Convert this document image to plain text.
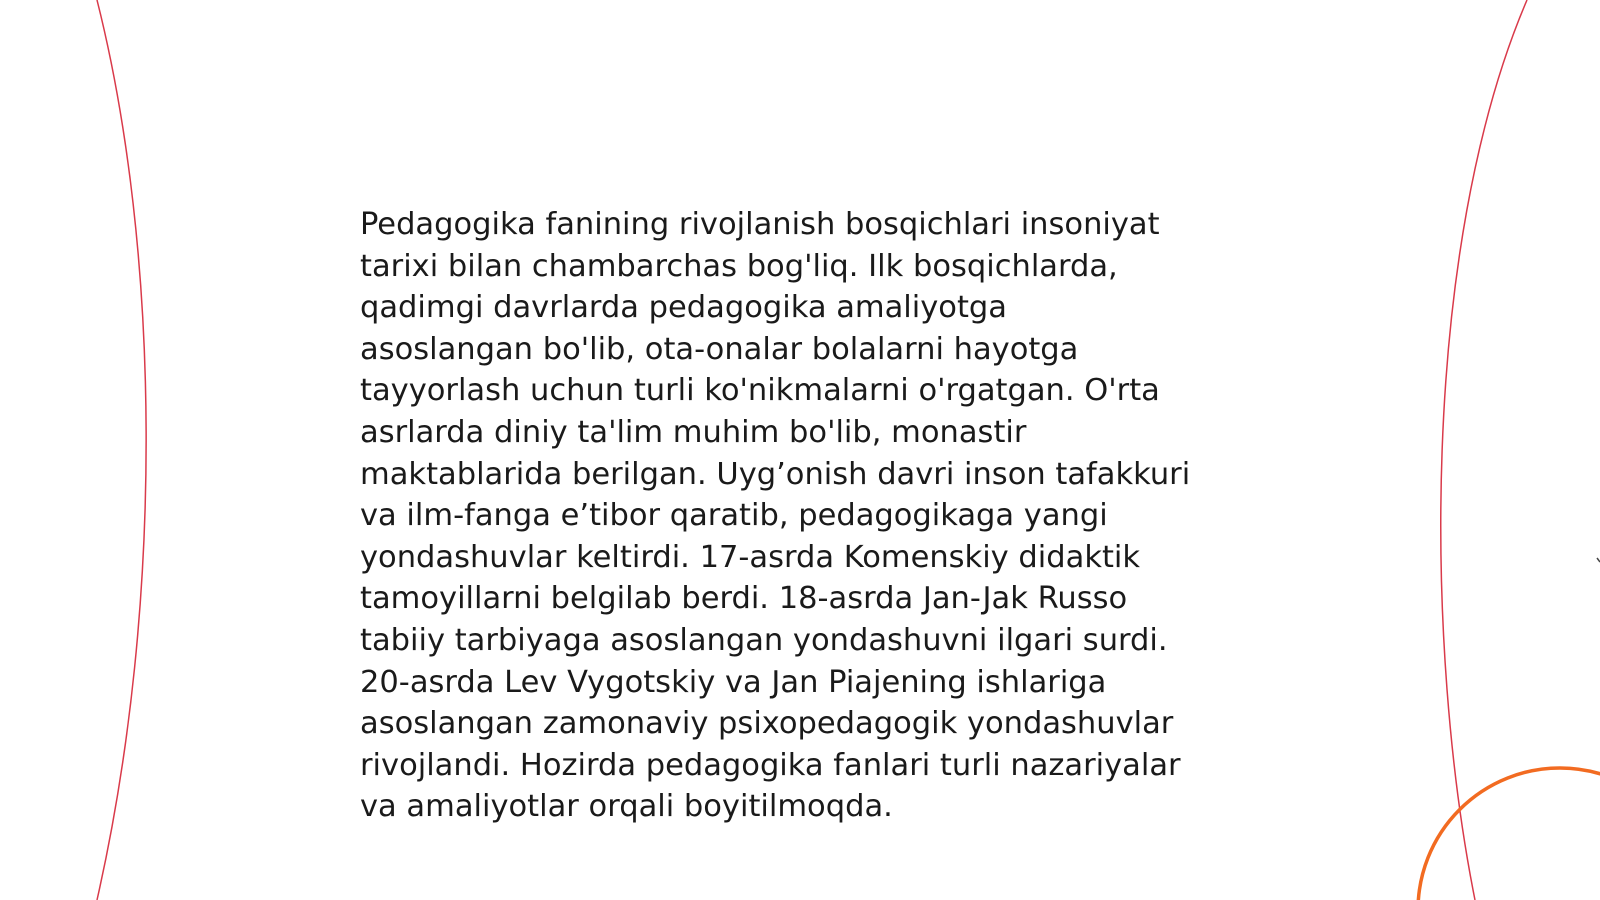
Pedagogika fanining rivojlanish bosqichlari insoniyat
tarixi bilan chambarchas bog'liq. Ilk bosqichlarda,
qadimgi davrlarda pedagogika amaliyotga
asoslangan bo'lib, ota-onalar bolalarni hayotga
tayyorlash uchun turli ko'nikmalarni o'rgatgan. O'rta
asrlarda diniy ta'lim muhim bo'lib, monastir
maktablarida berilgan. Uyg’onish davri inson tafakkuri
va ilm-fanga e’tibor qaratib, pedagogikaga yangi
yondashuvlar keltirdi. 17-asrda Komenskiy didaktik
tamoyillarni belgilab berdi. 18-asrda Jan-Jak Russo
tabiiy tarbiyaga asoslangan yondashuvni ilgari surdi.
20-asrda Lev Vygotskiy va Jan Piajening ishlariga
asoslangan zamonaviy psixopedagogik yondashuvlar
rivojlandi. Hozirda pedagogika fanlari turli nazariyalar
va amaliyotlar orqali boyitilmoqda.
